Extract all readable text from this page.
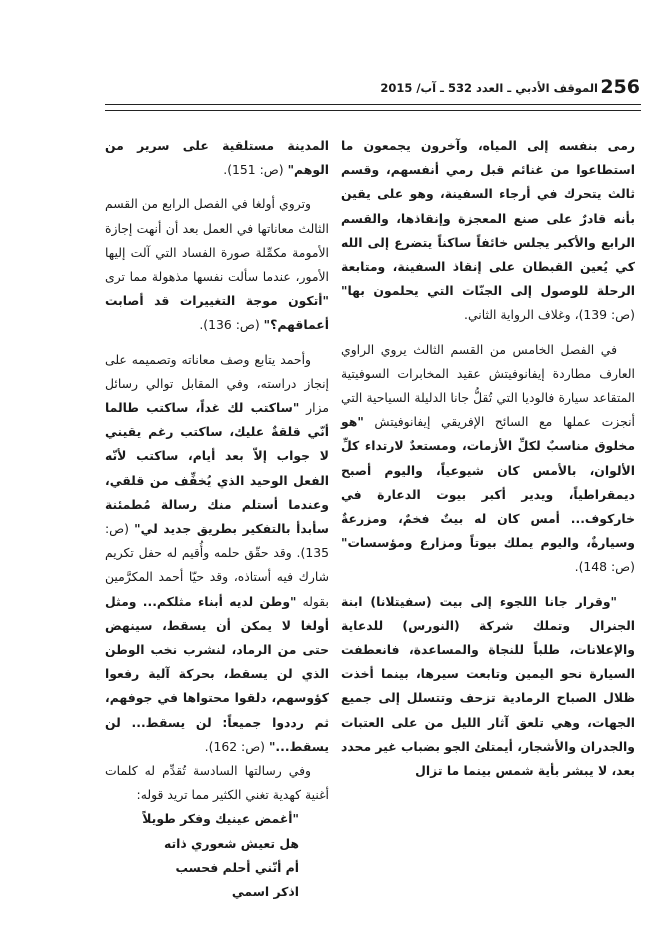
256
الموقف الأدبي ـ العدد 532 ـ آب/ 2015

رمى بنفسه إلى المياه، وآخرون يجمعون ما استطاعوا من غنائم قبل رمي أنفسهم، وقسم ثالث يتحرك في أرجاء السفينة، وهو على يقين بأنه قادرٌ على صنع المعجزة وإنقاذها، والقسم الرابع والأكبر يجلس خائفاً ساكناً يتضرع إلى الله كي يُعين القبطان على إنقاذ السفينة، ومتابعة الرحلة للوصول إلى الجنّات التي يحلمون بها" (ص: 139)، وغلاف الرواية الثاني.

في الفصل الخامس من القسم الثالث يروي الراوي العارف مطاردة إيفانوفيتش عقيد المخابرات السوفيتية المتقاعد سيارة فالوديا التي تُقلُّ جانا الدليلة السياحية التي أنجزت عملها مع السائح الإفريقي إيفانوفيتش "هو مخلوق مناسبٌ لكلِّ الأزمات، ومستعدٌ لارتداء كلِّ الألوان، بالأمس كان شيوعياً، واليوم أصبح ديمقراطياً، ويدير أكبر بيوت الدعارة في خاركوف... أمس كان له بيتٌ فخمٌ، ومزرعةٌ وسيارةٌ، واليوم يملك بيوتاً ومزارع ومؤسسات" (ص: 148).

"وقرار جانا اللجوء إلى بيت (سفيتلانا) ابنة الجنرال وتملك شركة (النورس) للدعاية والإعلانات، طلباً للنجاة والمساعدة، فانعطفت السيارة نحو اليمين وتابعت سيرها، بينما أخذت ظلال الصباح الرمادية تزحف وتتسلل إلى جميع الجهات، وهي تلعق آثار الليل من على العتبات والجدران والأشجار، أيمتلئ الجو بضباب غير محدد بعد، لا يبشر بأية شمس بينما ما تزال

المدينة مستلقية على سرير من الوهم" (ص: 151).

وتروي أولغا في الفصل الرابع من القسم الثالث معاناتها في العمل بعد أن أنهت إجازة الأمومة مكمِّلة صورة الفساد التي آلت إليها الأمور، عندما سألت نفسها مذهولة مما ترى "أتكون موجة التغييرات قد أصابت أعماقهم؟" (ص: 136).

وأحمد يتابع وصف معاناته وتصميمه على إنجاز دراسته، وفي المقابل توالي رسائل مزار "ساكتب لك غداً، ساكتب طالما أنّي قلقةٌ عليك، ساكتب رغم يقيني لا جواب إلاّ بعد أيام، ساكتب لأنّه الفعل الوحيد الذي يُخفِّف من قلقي، وعندما أستلم منك رسالة مُطمئنة سأبدأ بالتفكير بطريق جديد لي" (ص: 135). وقد حقّق حلمه وأُقيم له حفل تكريم شارك فيه أستاذه، وقد حيّا أحمد المكرَّمين بقوله "وطن لديه أبناء مثلكم... ومثل أولغا لا يمكن أن يسقط، سينهض حتى من الرماد، لنشرب نخب الوطن الذي لن يسقط، بحركة آلية رفعوا كؤوسهم، دلقوا محتواها في جوفهم، ثم رددوا جميعاً: لن يسقط... لن يسقط..." (ص: 162).

وفي رسالتها السادسة تُقدِّم له كلمات أغنية كهدية تغني الكثير مما تريد قوله:

"أغمض عينيك وفكر طويلاً

هل تعيش شعوري ذاته

أم أنّني أحلم فحسب

اذكر اسمي
